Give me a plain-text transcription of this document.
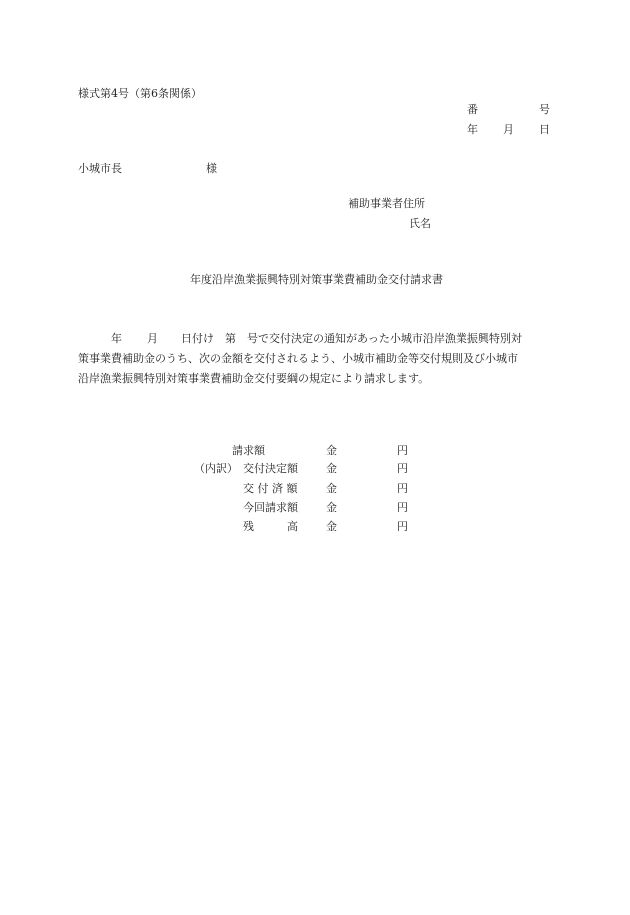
様式第4号（第6条関係）
番	号
年 月 日
小城市長	様
補助事業者住所
氏名
年度沿岸漁業振興特別対策事業費補助金交付請求書
年 月 日付け　第　号で交付決定の通知があった小城市沿岸漁業振興特別対
策事業費補助金のうち、次の金額を交付されるよう、小城市補助金等交付規則及び小城市
沿岸漁業振興特別対策事業費補助金交付要綱の規定により請求します。
請求額	金	円
（内訳） 交付決定額	金	円
交 付 済 額	金	円
今回請求額	金	円
残　　　高	金	円
